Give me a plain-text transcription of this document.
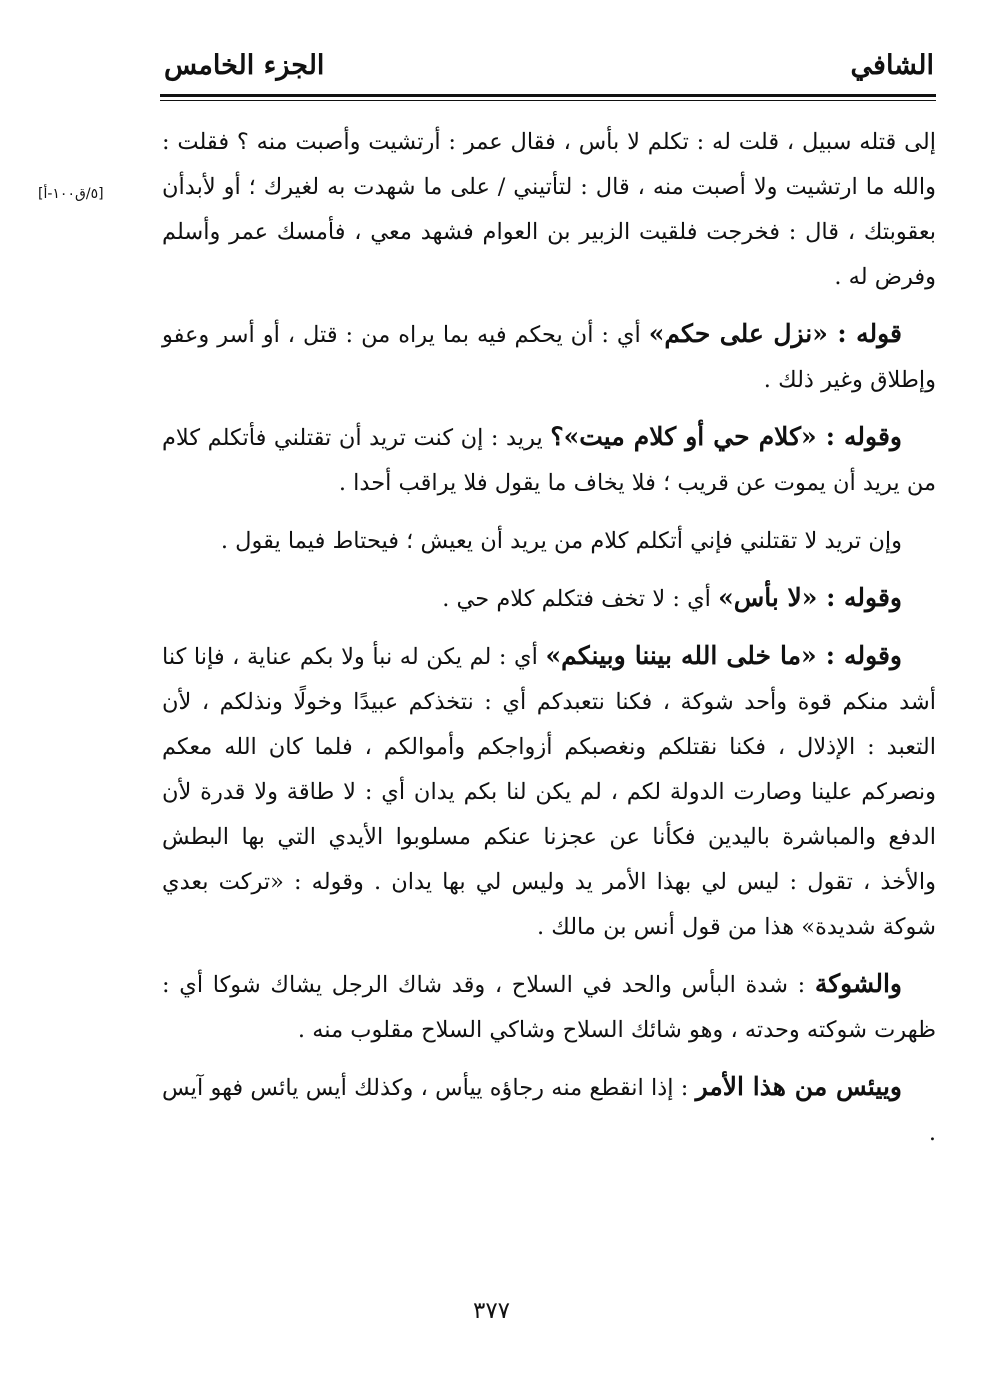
الشافي
الجزء الخامس
[٥/ق١٠٠-أ]

إلى قتله سبيل ، قلت له : تكلم لا بأس ، فقال عمر : أرتشيت وأصبت منه ؟ فقلت : والله ما ارتشيت ولا أصبت منه ، قال : لتأتيني / على ما شهدت به لغيرك ؛ أو لأبدأن بعقوبتك ، قال : فخرجت فلقيت الزبير بن العوام فشهد معي ، فأمسك عمر وأسلم وفرض له .

قوله : «نزل على حكم» أي : أن يحكم فيه بما يراه من : قتل ، أو أسر وعفو وإطلاق وغير ذلك .

وقوله : «كلام حي أو كلام ميت»؟ يريد : إن كنت تريد أن تقتلني فأتكلم كلام من يريد أن يموت عن قريب ؛ فلا يخاف ما يقول فلا يراقب أحدا .

وإن تريد لا تقتلني فإني أتكلم كلام من يريد أن يعيش ؛ فيحتاط فيما يقول .

وقوله : «لا بأس» أي : لا تخف فتكلم كلام حي .

وقوله : «ما خلى الله بيننا وبينكم» أي : لم يكن له نبأ ولا بكم عناية ، فإنا كنا أشد منكم قوة وأحد شوكة ، فكنا نتعبدكم أي : نتخذكم عبيدًا وخولًا ونذلكم ، لأن التعبد : الإذلال ، فكنا نقتلكم ونغصبكم أزواجكم وأموالكم ، فلما كان الله معكم ونصركم علينا وصارت الدولة لكم ، لم يكن لنا بكم يدان أي : لا طاقة ولا قدرة لأن الدفع والمباشرة باليدين فكأنا عن عجزنا عنكم مسلوبوا الأيدي التي بها البطش والأخذ ، تقول : ليس لي بهذا الأمر يد وليس لي بها يدان . وقوله : «تركت بعدي شوكة شديدة» هذا من قول أنس بن مالك .

والشوكة : شدة البأس والحد في السلاح ، وقد شاك الرجل يشاك شوكا أي : ظهرت شوكته وحدته ، وهو شائك السلاح وشاكي السلاح مقلوب منه .

وييئس من هذا الأمر : إذا انقطع منه رجاؤه ييأس ، وكذلك أيس يائس فهو آيس .

٣٧٧
